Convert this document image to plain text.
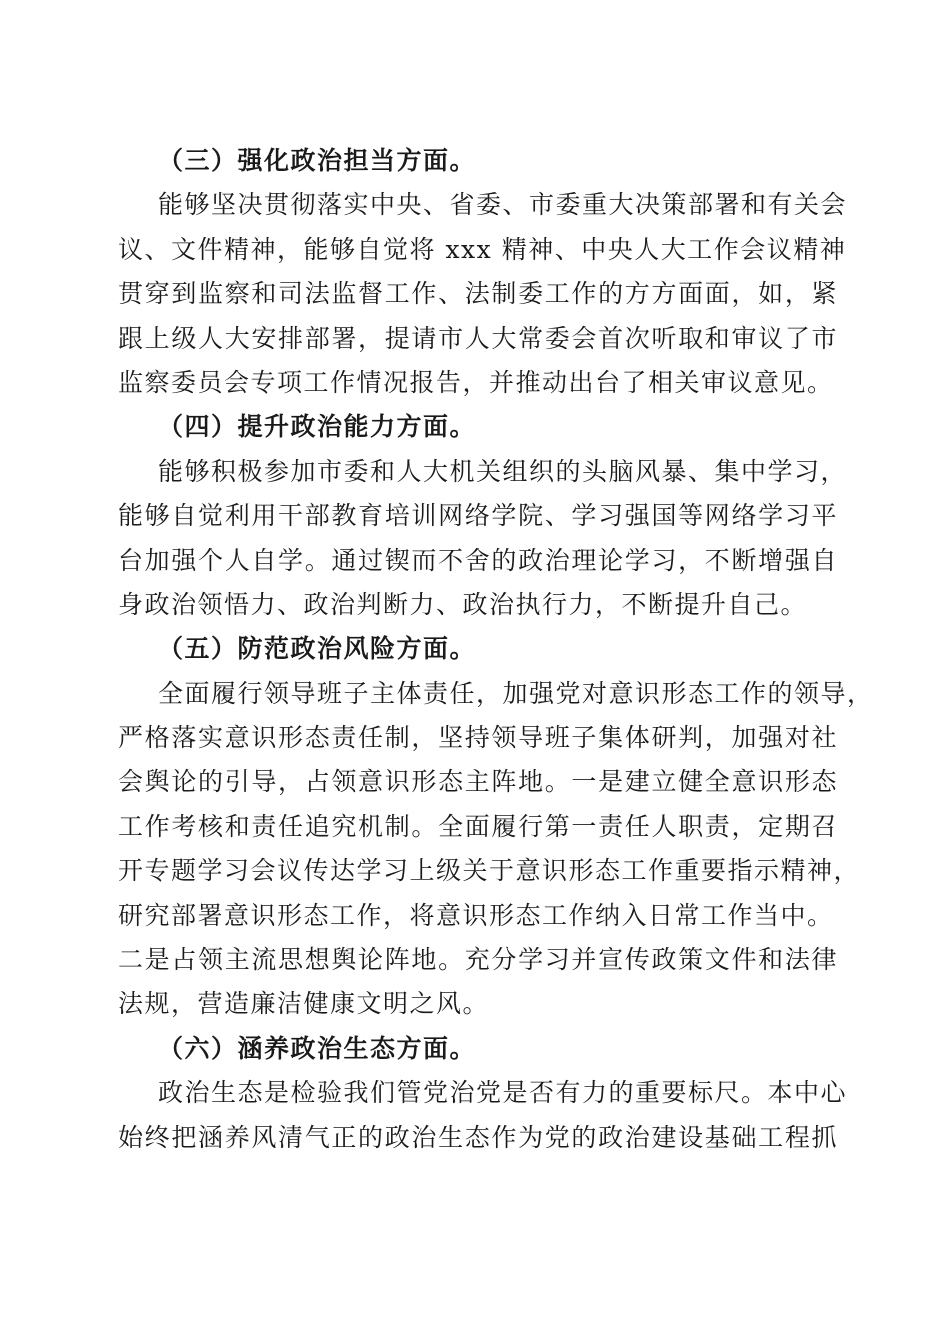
（三）强化政治担当方面。
能够坚决贯彻落实中央、省委、市委重大决策部署和有关会
议、文件精神，能够自觉将 xxx 精神、中央人大工作会议精神
贯穿到监察和司法监督工作、法制委工作的方方面面，如，紧
跟上级人大安排部署，提请市人大常委会首次听取和审议了市
监察委员会专项工作情况报告，并推动出台了相关审议意见。
（四）提升政治能力方面。
能够积极参加市委和人大机关组织的头脑风暴、集中学习，
能够自觉利用干部教育培训网络学院、学习强国等网络学习平
台加强个人自学。通过锲而不舍的政治理论学习，不断增强自
身政治领悟力、政治判断力、政治执行力，不断提升自己。
（五）防范政治风险方面。
全面履行领导班子主体责任，加强党对意识形态工作的领导，
严格落实意识形态责任制，坚持领导班子集体研判，加强对社
会舆论的引导，占领意识形态主阵地。一是建立健全意识形态
工作考核和责任追究机制。全面履行第一责任人职责，定期召
开专题学习会议传达学习上级关于意识形态工作重要指示精神，
研究部署意识形态工作，将意识形态工作纳入日常工作当中。
二是占领主流思想舆论阵地。充分学习并宣传政策文件和法律
法规，营造廉洁健康文明之风。
（六）涵养政治生态方面。
政治生态是检验我们管党治党是否有力的重要标尺。本中心
始终把涵养风清气正的政治生态作为党的政治建设基础工程抓
